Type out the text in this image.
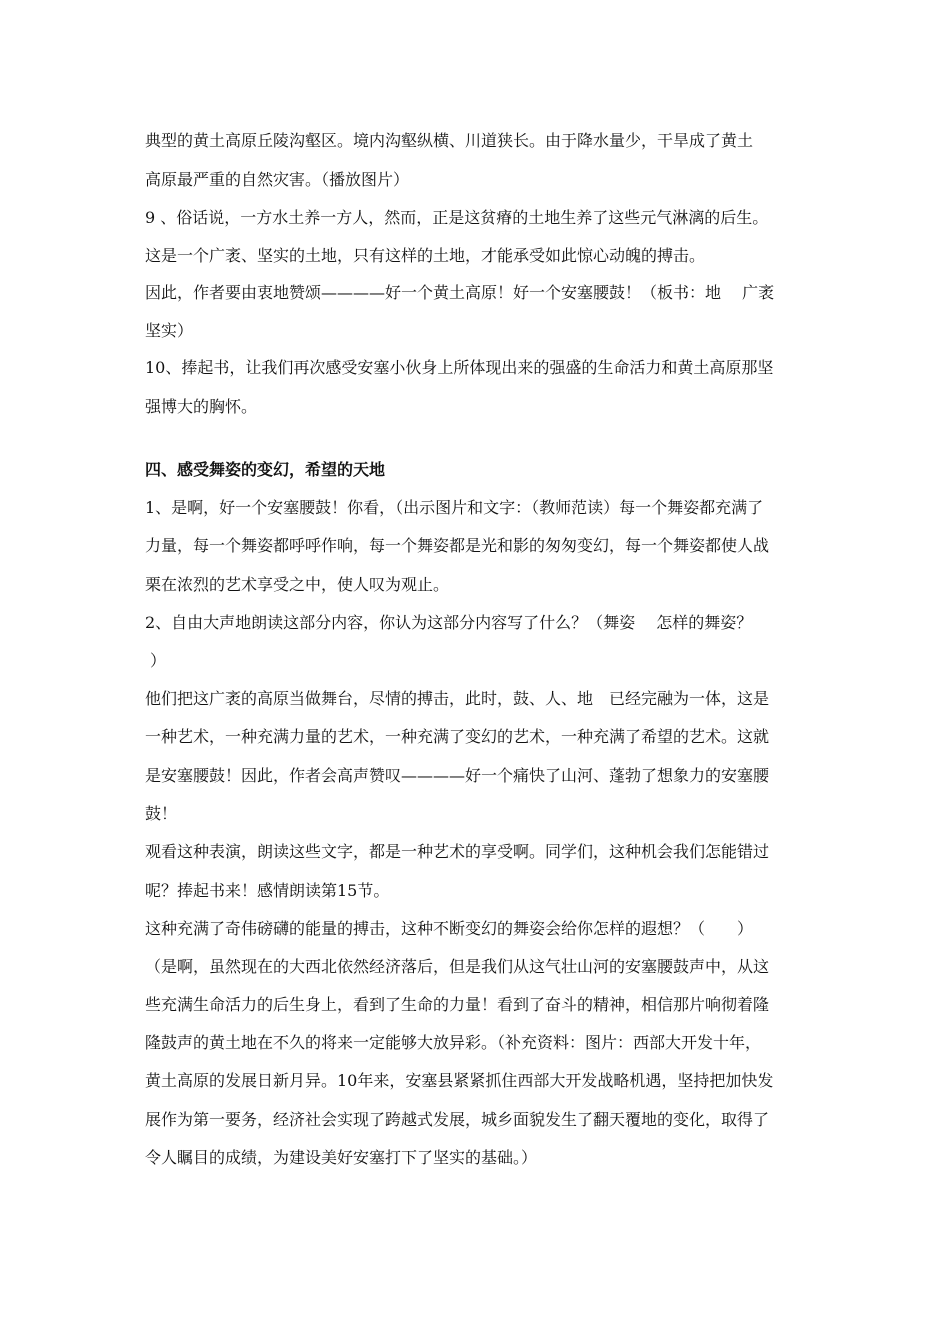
典型的黄土高原丘陵沟壑区。境内沟壑纵横、川道狭长。由于降水量少，干旱成了黄土
高原最严重的自然灾害。（播放图片）
9 、俗话说，一方水土养一方人，然而，正是这贫瘠的土地生养了这些元气淋漓的后生。
这是一个广袤、坚实的土地，只有这样的土地，才能承受如此惊心动魄的搏击。
因此，作者要由衷地赞颂————好一个黄土高原！好一个安塞腰鼓！（板书：地　 广袤
坚实）
10、捧起书，让我们再次感受安塞小伙身上所体现出来的强盛的生命活力和黄土高原那坚
强博大的胸怀。
四、感受舞姿的变幻，希望的天地
1、是啊，好一个安塞腰鼓！你看，（出示图片和文字：（教师范读）每一个舞姿都充满了
力量，每一个舞姿都呼呼作响，每一个舞姿都是光和影的匆匆变幻，每一个舞姿都使人战
栗在浓烈的艺术享受之中，使人叹为观止。
2、自由大声地朗读这部分内容，你认为这部分内容写了什么？（舞姿　 怎样的舞姿？
）
他们把这广袤的高原当做舞台，尽情的搏击，此时，鼓、人、地　已经完融为一体，这是
一种艺术，一种充满力量的艺术，一种充满了变幻的艺术，一种充满了希望的艺术。这就
是安塞腰鼓！因此，作者会高声赞叹————好一个痛快了山河、蓬勃了想象力的安塞腰
鼓！
观看这种表演，朗读这些文字，都是一种艺术的享受啊。同学们，这种机会我们怎能错过
呢？捧起书来！感情朗读第15节。
这种充满了奇伟磅礴的能量的搏击，这种不断变幻的舞姿会给你怎样的遐想？（　　）
（是啊，虽然现在的大西北依然经济落后，但是我们从这气壮山河的安塞腰鼓声中，从这
些充满生命活力的后生身上，看到了生命的力量！看到了奋斗的精神，相信那片响彻着隆
隆鼓声的黄土地在不久的将来一定能够大放异彩。（补充资料：图片：西部大开发十年，
黄土高原的发展日新月异。10年来，安塞县紧紧抓住西部大开发战略机遇，坚持把加快发
展作为第一要务，经济社会实现了跨越式发展，城乡面貌发生了翻天覆地的变化，取得了
令人瞩目的成绩，为建设美好安塞打下了坚实的基础。）
